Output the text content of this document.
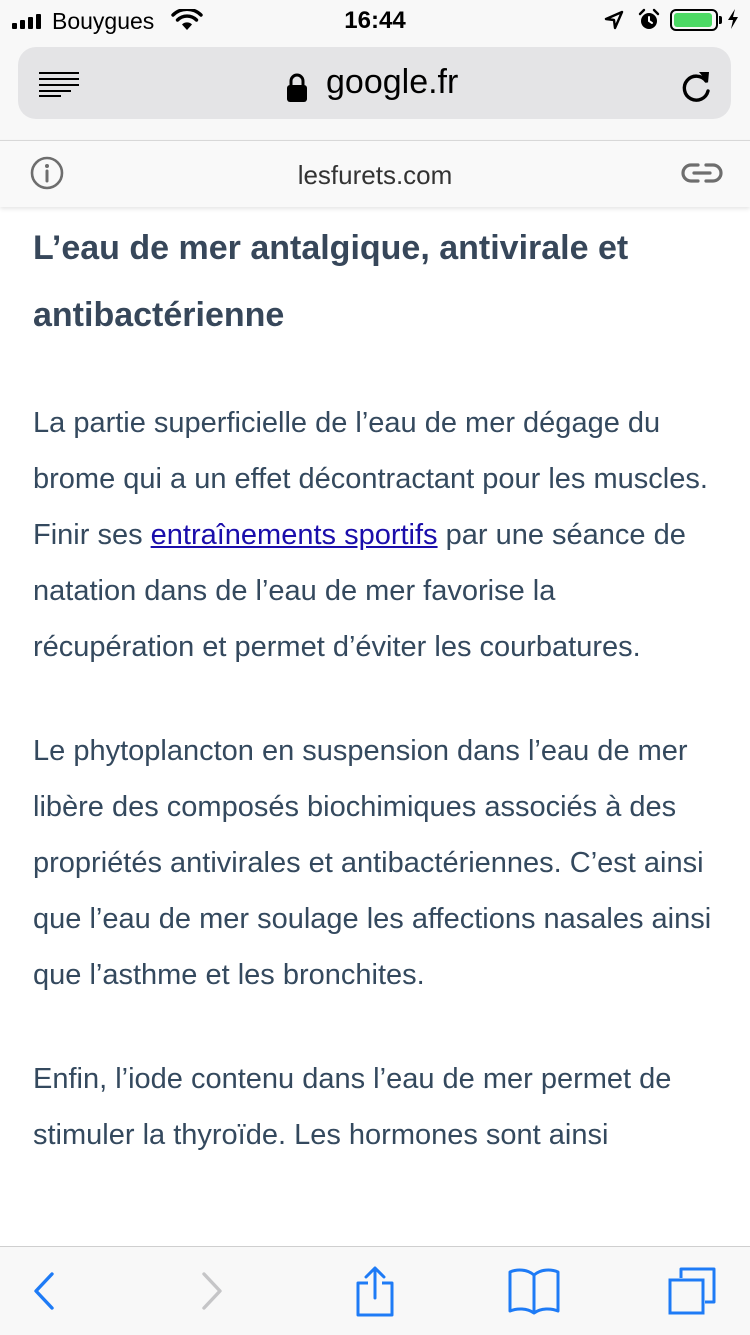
Bouygues	16:44
google.fr
lesfurets.com
L’eau de mer antalgique, antivirale et antibactérienne

La partie superficielle de l’eau de mer dégage du brome qui a un effet décontractant pour les muscles. Finir ses entraînements sportifs par une séance de natation dans de l’eau de mer favorise la récupération et permet d’éviter les courbatures.

Le phytoplancton en suspension dans l’eau de mer libère des composés biochimiques associés à des propriétés antivirales et antibactériennes. C’est ainsi que l’eau de mer soulage les affections nasales ainsi que l’asthme et les bronchites.

Enfin, l’iode contenu dans l’eau de mer permet de stimuler la thyroïde. Les hormones sont ainsi
